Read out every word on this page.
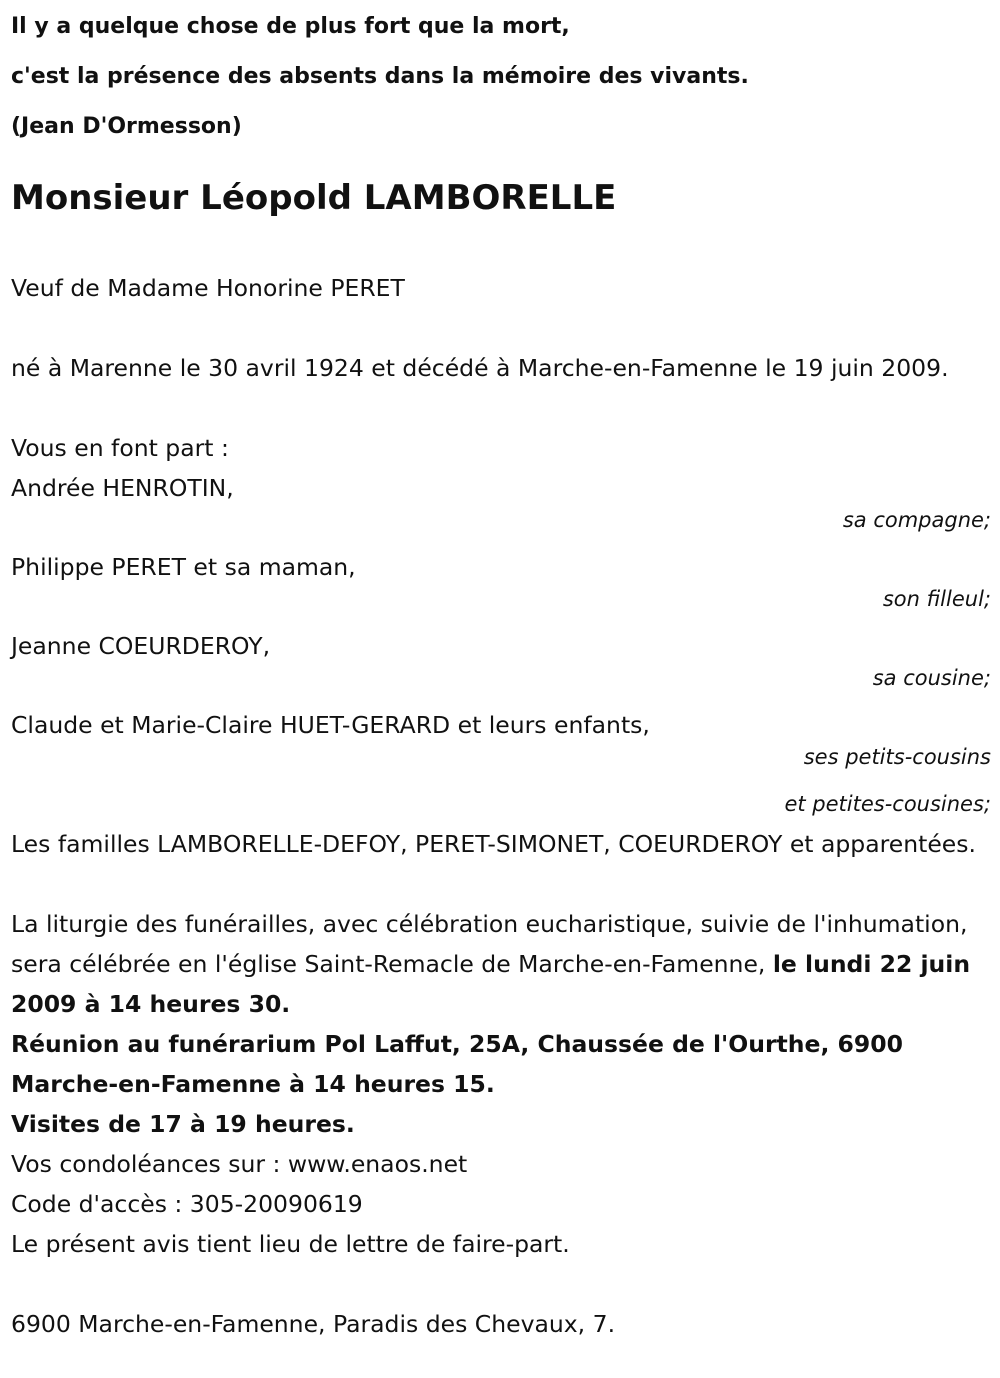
Il y a quelque chose de plus fort que la mort,
c'est la présence des absents dans la mémoire des vivants.
(Jean D'Ormesson)
Monsieur Léopold LAMBORELLE
Veuf de Madame Honorine PERET
né à Marenne le 30 avril 1924 et décédé à Marche-en-Famenne le 19 juin 2009.
Vous en font part :
Andrée HENROTIN,
sa compagne;
Philippe PERET et sa maman,
son filleul;
Jeanne COEURDEROY,
sa cousine;
Claude et Marie-Claire HUET-GERARD et leurs enfants,
ses petits-cousins
et petites-cousines;
Les familles LAMBORELLE-DEFOY, PERET-SIMONET, COEURDEROY et apparentées.
La liturgie des funérailles, avec célébration eucharistique, suivie de l'inhumation, sera célébrée en l'église Saint-Remacle de Marche-en-Famenne, le lundi 22 juin 2009 à 14 heures 30.
Réunion au funérarium Pol Laffut, 25A, Chaussée de l'Ourthe, 6900 Marche-en-Famenne à 14 heures 15.
Visites de 17 à 19 heures.
Vos condoléances sur : www.enaos.net
Code d'accès : 305-20090619
Le présent avis tient lieu de lettre de faire-part.
6900 Marche-en-Famenne, Paradis des Chevaux, 7.
